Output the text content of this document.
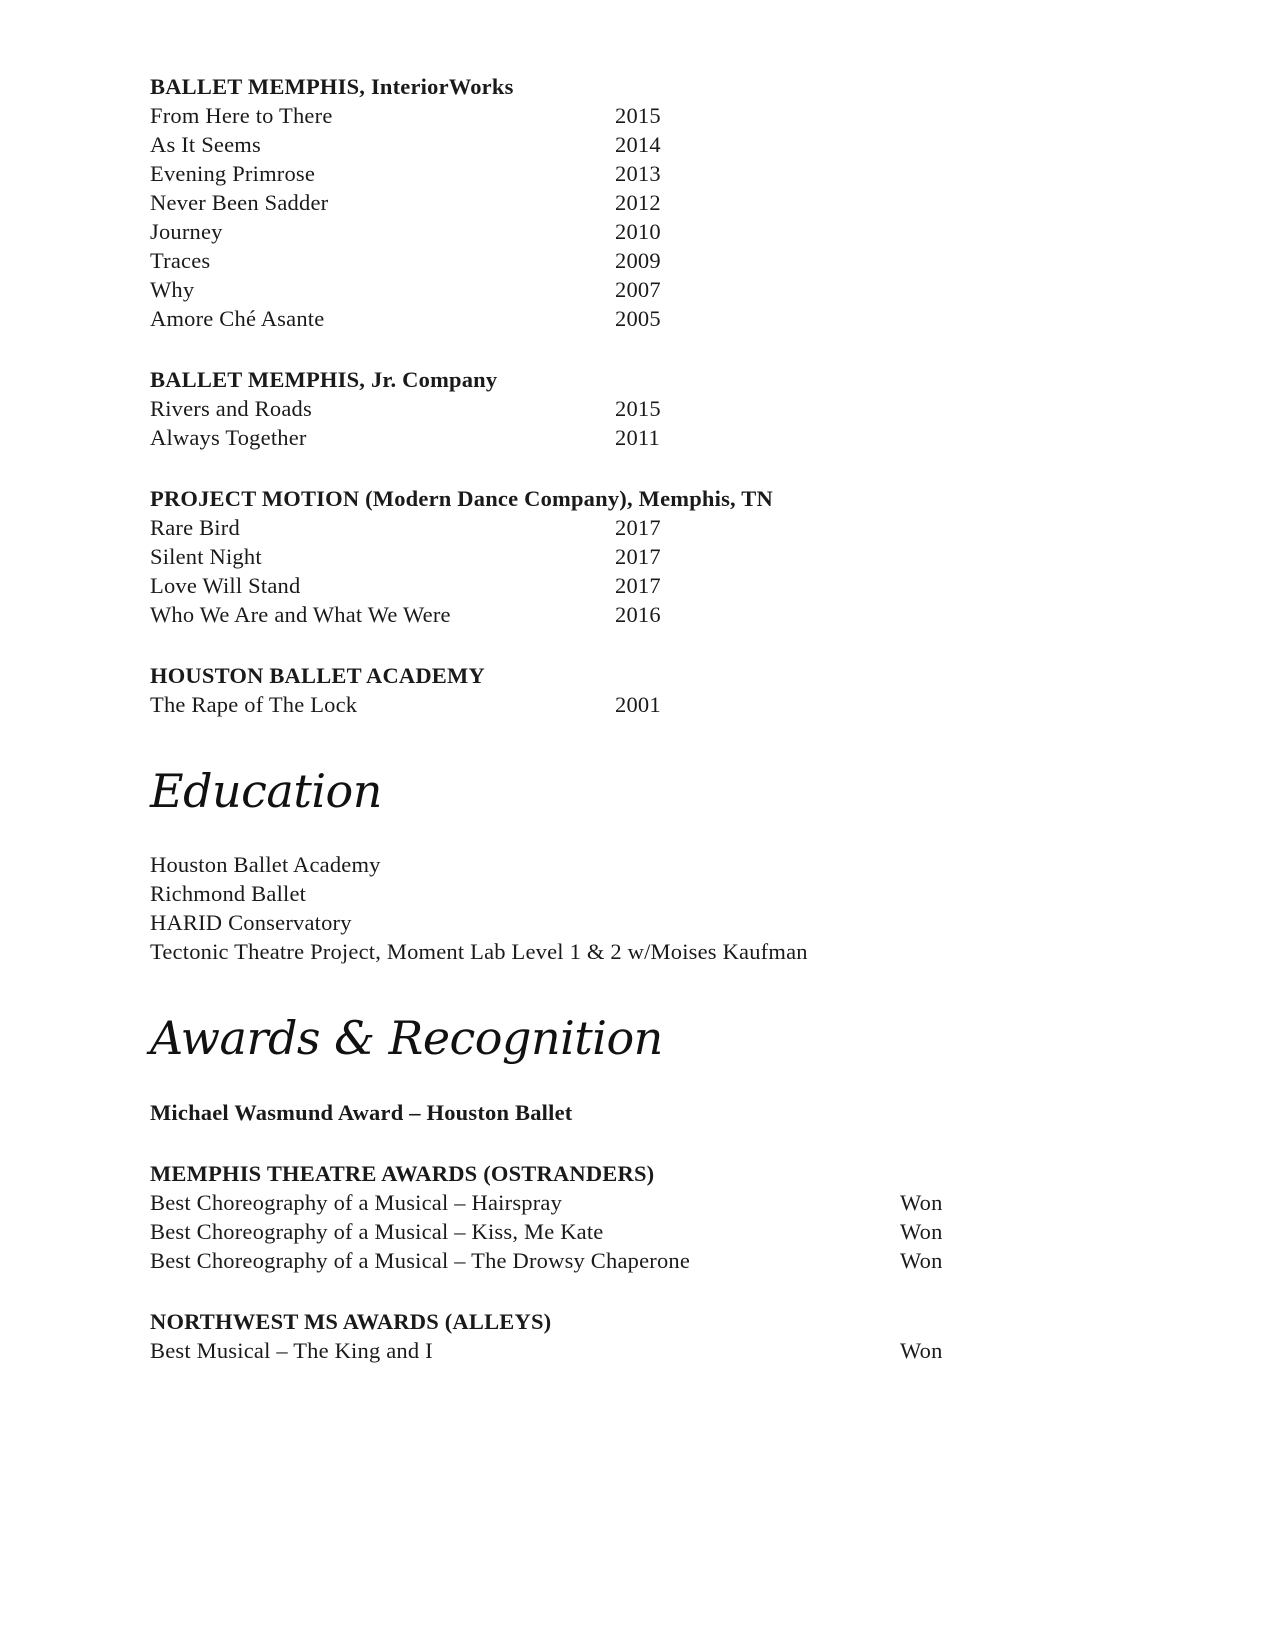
BALLET MEMPHIS, InteriorWorks
From Here to There	2015
As It Seems	2014
Evening Primrose	2013
Never Been Sadder	2012
Journey	2010
Traces	2009
Why	2007
Amore Ché Asante	2005
BALLET MEMPHIS, Jr. Company
Rivers and Roads	2015
Always Together	2011
PROJECT MOTION (Modern Dance Company), Memphis, TN
Rare Bird	2017
Silent Night	2017
Love Will Stand	2017
Who We Are and What We Were	2016
HOUSTON BALLET ACADEMY
The Rape of The Lock	2001
Education
Houston Ballet Academy
Richmond Ballet
HARID Conservatory
Tectonic Theatre Project, Moment Lab Level 1 & 2 w/Moises Kaufman
Awards & Recognition
Michael Wasmund Award – Houston Ballet
MEMPHIS THEATRE AWARDS (OSTRANDERS)
Best Choreography of a Musical – Hairspray	Won
Best Choreography of a Musical – Kiss, Me Kate	Won
Best Choreography of a Musical – The Drowsy Chaperone	Won
NORTHWEST MS AWARDS (ALLEYS)
Best Musical – The King and I	Won
